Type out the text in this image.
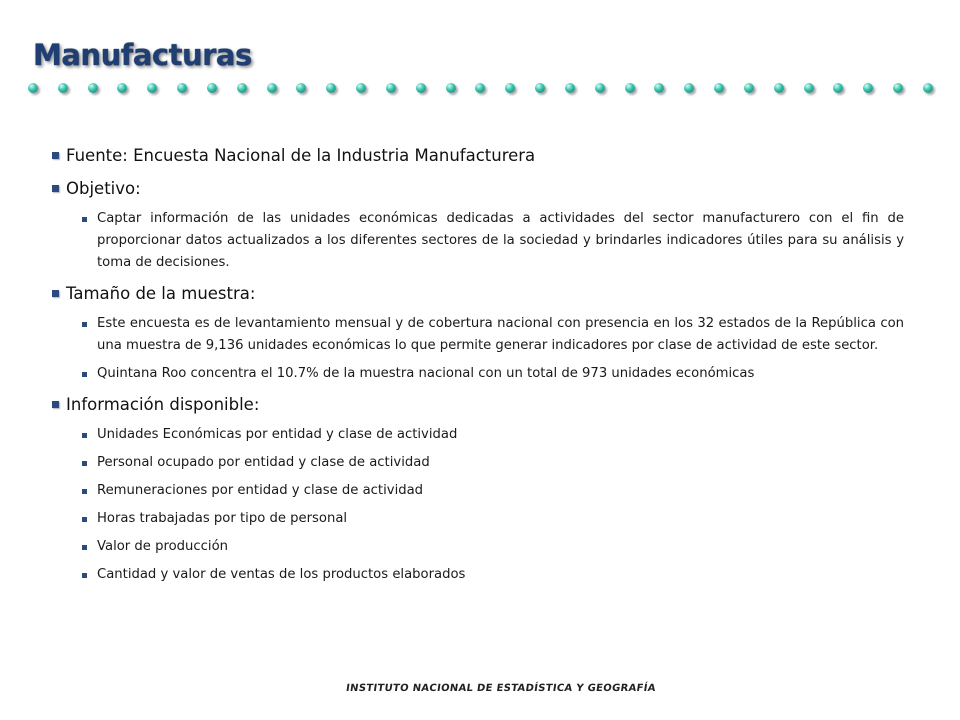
Manufacturas
Fuente: Encuesta Nacional de la Industria Manufacturera
Objetivo:
Captar información de las unidades económicas dedicadas a actividades del sector manufacturero con el fin de proporcionar datos actualizados a los diferentes sectores de la sociedad y brindarles indicadores útiles para su análisis y toma de decisiones.
Tamaño de la muestra:
Este encuesta es de levantamiento mensual y de cobertura nacional con presencia en los 32 estados de la República con una muestra de 9,136 unidades económicas lo que permite generar indicadores por clase de actividad de este sector.
Quintana Roo concentra el 10.7% de la muestra nacional con un total de 973 unidades económicas
Información disponible:
Unidades Económicas por entidad y clase de actividad
Personal ocupado por entidad y clase de actividad
Remuneraciones por entidad y clase de actividad
Horas trabajadas por tipo de personal
Valor de producción
Cantidad y valor de ventas de los productos elaborados
INSTITUTO NACIONAL DE ESTADÍSTICA Y GEOGRAFÍA
